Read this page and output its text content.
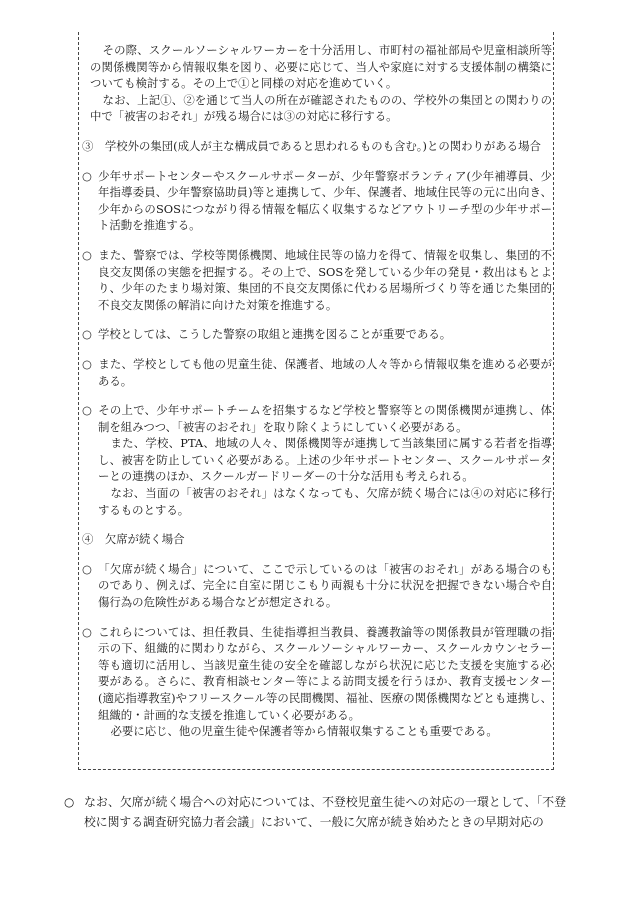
その際、スクールソーシャルワーカーを十分活用し、市町村の福祉部局や児童相談所等の関係機関等から情報収集を図り、必要に応じて、当人や家庭に対する支援体制の構築についても検討する。その上で①と同様の対応を進めていく。

なお、上記①、②を通じて当人の所在が確認されたものの、学校外の集団との関わりの中で「被害のおそれ」が残る場合には③の対応に移行する。

③　 学校外の集団(成人が主な構成員であると思われるものも含む。)との関わりがある場合

○ 少年サポートセンターやスクールサポーターが、少年警察ボランティア(少年補導員、少年指導委員、少年警察協助員)等と連携して、少年、保護者、地域住民等の元に出向き、少年からのSOSにつながり得る情報を幅広く収集するなどアウトリーチ型の少年サポート活動を推進する。

○ また、警察では、学校等関係機関、地域住民等の協力を得て、情報を収集し、集団的不良交友関係の実態を把握する。その上で、SOSを発している少年の発見・救出はもとより、少年のたまり場対策、集団的不良交友関係に代わる居場所づくり等を通じた集団的不良交友関係の解消に向けた対策を推進する。

○ 学校としては、こうした警察の取組と連携を図ることが重要である。

○ また、学校としても他の児童生徒、保護者、地域の人々等から情報収集を進める必要がある。

○ その上で、少年サポートチームを招集するなど学校と警察等との関係機関が連携し、体制を組みつつ、「被害のおそれ」を取り除くようにしていく必要がある。
また、学校、PTA、地域の人々、関係機関等が連携して当該集団に属する若者を指導し、被害を防止していく必要がある。上述の少年サポートセンター、スクールサポーターとの連携のほか、スクールガードリーダーの十分な活用も考えられる。
なお、当面の「被害のおそれ」はなくなっても、欠席が続く場合には④の対応に移行するものとする。

④　 欠席が続く場合

○ 「欠席が続く場合」について、ここで示しているのは「被害のおそれ」がある場合のものであり、例えば、完全に自室に閉じこもり両親も十分に状況を把握できない場合や自傷行為の危険性がある場合などが想定される。

○ これらについては、担任教員、生徒指導担当教員、養護教諭等の関係教員が管理職の指示の下、組織的に関わりながら、スクールソーシャルワーカー、スクールカウンセラー等も適切に活用し、当該児童生徒の安全を確認しながら状況に応じた支援を実施する必要がある。さらに、教育相談センター等による訪問支援を行うほか、教育支援センター(適応指導教室)やフリースクール等の民間機関、福祉、医療の関係機関などとも連携し、組織的・計画的な支援を推進していく必要がある。
必要に応じ、他の児童生徒や保護者等から情報収集することも重要である。

○ なお、欠席が続く場合への対応については、不登校児童生徒への対応の一環として、「不登校に関する調査研究協力者会議」において、一般に欠席が続き始めたときの早期対応の
